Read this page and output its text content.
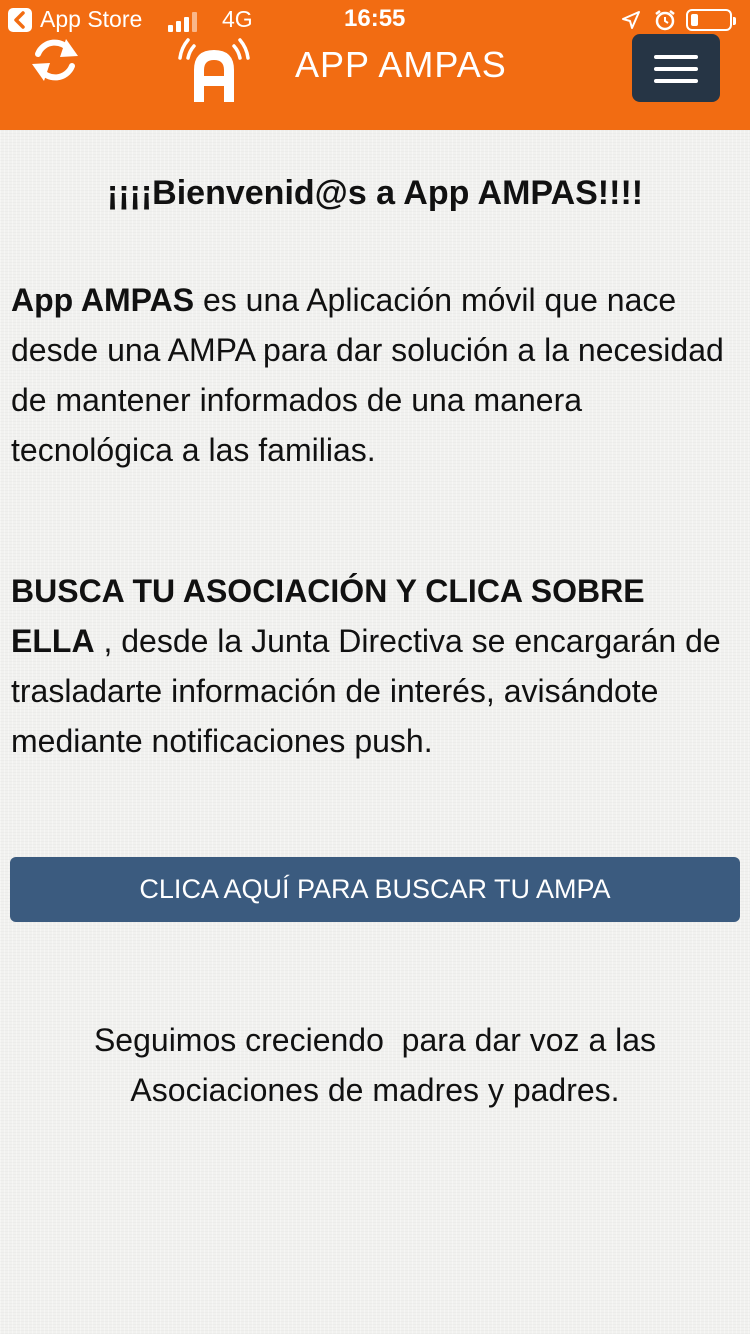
App Store	4G	16:55
APP AMPAS
¡¡¡¡Bienvenid@s a App AMPAS!!!!
App AMPAS es una Aplicación móvil que nace desde una AMPA para dar solución a la necesidad de mantener informados de una manera tecnológica a las familias.
BUSCA TU ASOCIACIÓN Y CLICA SOBRE ELLA , desde la Junta Directiva se encargarán de trasladarte información de interés, avisándote mediante notificaciones push.
CLICA AQUÍ PARA BUSCAR TU AMPA
Seguimos creciendo  para dar voz a las
Asociaciones de madres y padres.
